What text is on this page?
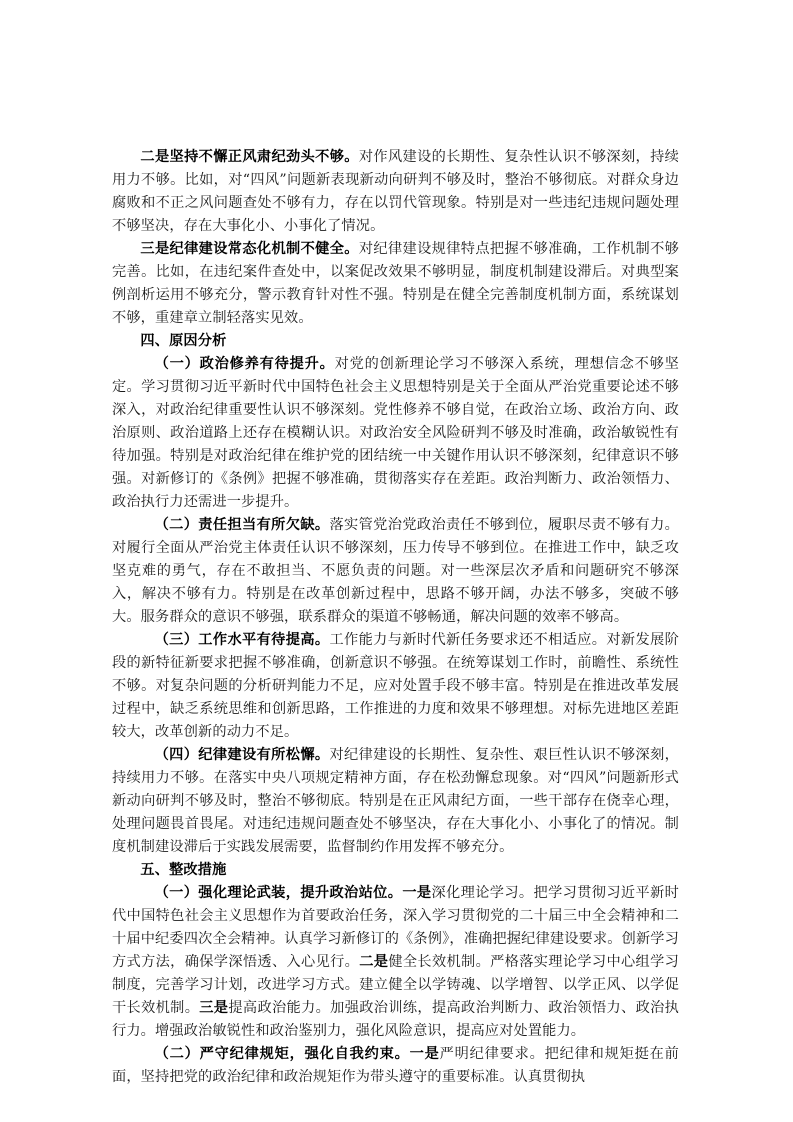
二是坚持不懈正风肃纪劲头不够。对作风建设的长期性、复杂性认识不够深刻，持续用力不够。比如，对“四风”问题新表现新动向研判不够及时，整治不够彻底。对群众身边腐败和不正之风问题查处不够有力，存在以罚代管现象。特别是对一些违纪违规问题处理不够坚决，存在大事化小、小事化了情况。

三是纪律建设常态化机制不健全。对纪律建设规律特点把握不够准确，工作机制不够完善。比如，在违纪案件查处中，以案促改效果不够明显，制度机制建设滞后。对典型案例剖析运用不够充分，警示教育针对性不强。特别是在健全完善制度机制方面，系统谋划不够，重建章立制轻落实见效。

四、原因分析

（一）政治修养有待提升。对党的创新理论学习不够深入系统，理想信念不够坚定。学习贯彻习近平新时代中国特色社会主义思想特别是关于全面从严治党重要论述不够深入，对政治纪律重要性认识不够深刻。党性修养不够自觉，在政治立场、政治方向、政治原则、政治道路上还存在模糊认识。对政治安全风险研判不够及时准确，政治敏锐性有待加强。特别是对政治纪律在维护党的团结统一中关键作用认识不够深刻，纪律意识不够强。对新修订的《条例》把握不够准确，贯彻落实存在差距。政治判断力、政治领悟力、政治执行力还需进一步提升。

（二）责任担当有所欠缺。落实管党治党政治责任不够到位，履职尽责不够有力。对履行全面从严治党主体责任认识不够深刻，压力传导不够到位。在推进工作中，缺乏攻坚克难的勇气，存在不敢担当、不愿负责的问题。对一些深层次矛盾和问题研究不够深入，解决不够有力。特别是在改革创新过程中，思路不够开阔，办法不够多，突破不够大。服务群众的意识不够强，联系群众的渠道不够畅通，解决问题的效率不够高。

（三）工作水平有待提高。工作能力与新时代新任务要求还不相适应。对新发展阶段的新特征新要求把握不够准确，创新意识不够强。在统筹谋划工作时，前瞻性、系统性不够。对复杂问题的分析研判能力不足，应对处置手段不够丰富。特别是在推进改革发展过程中，缺乏系统思维和创新思路，工作推进的力度和效果不够理想。对标先进地区差距较大，改革创新的动力不足。

（四）纪律建设有所松懈。对纪律建设的长期性、复杂性、艰巨性认识不够深刻，持续用力不够。在落实中央八项规定精神方面，存在松劲懈怠现象。对“四风”问题新形式新动向研判不够及时，整治不够彻底。特别是在正风肃纪方面，一些干部存在侥幸心理，处理问题畏首畏尾。对违纪违规问题查处不够坚决，存在大事化小、小事化了的情况。制度机制建设滞后于实践发展需要，监督制约作用发挥不够充分。

五、整改措施

（一）强化理论武装，提升政治站位。一是深化理论学习。把学习贯彻习近平新时代中国特色社会主义思想作为首要政治任务，深入学习贯彻党的二十届三中全会精神和二十届中纪委四次全会精神。认真学习新修订的《条例》，准确把握纪律建设要求。创新学习方式方法，确保学深悟透、入心见行。二是健全长效机制。严格落实理论学习中心组学习制度，完善学习计划，改进学习方式。建立健全以学铸魂、以学增智、以学正风、以学促干长效机制。三是提高政治能力。加强政治训练，提高政治判断力、政治领悟力、政治执行力。增强政治敏锐性和政治鉴别力，强化风险意识，提高应对处置能力。

（二）严守纪律规矩，强化自我约束。一是严明纪律要求。把纪律和规矩挺在前面，坚持把党的政治纪律和政治规矩作为带头遵守的重要标准。认真贯彻执
